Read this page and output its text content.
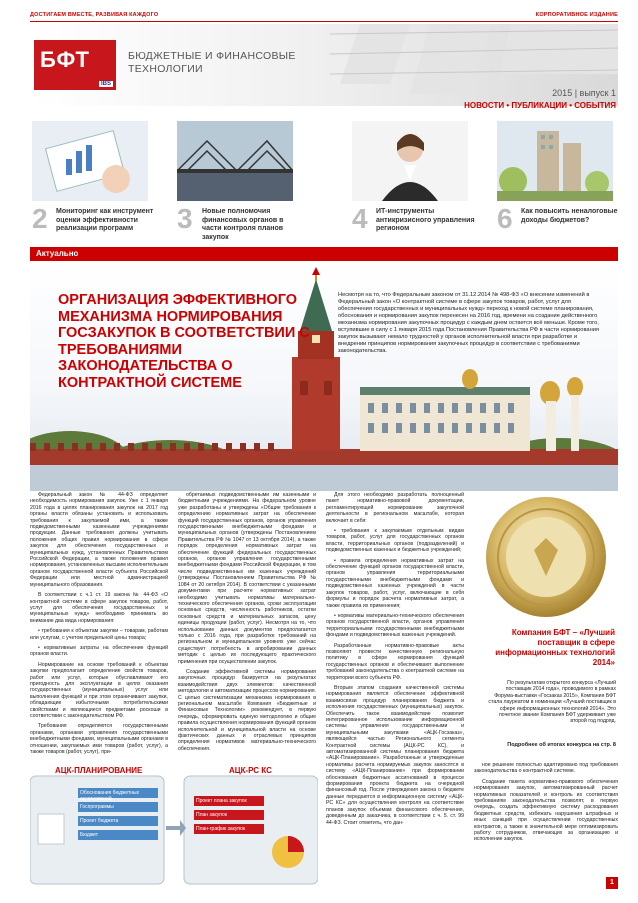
ДОСТИГАЕМ ВМЕСТЕ, РАЗВИВАЯ КАЖДОГО	КОРПОРАТИВНОЕ ИЗДАНИЕ
БФТ
IBS
БЮДЖЕТНЫЕ И ФИНАНСОВЫЕ
ТЕХНОЛОГИИ
2015 | выпуск 1
НОВОСТИ • ПУБЛИКАЦИИ • СОБЫТИЯ
2 Мониторинг как инструмент оценки эффективности реализации программ	3 Новые полномочия финансовых органов в части контроля планов закупок
4 ИТ-инструменты антикризисного управления регионом	6 Как повысить неналоговые доходы бюджетов?
Актуально
ОРГАНИЗАЦИЯ ЭФФЕКТИВНОГО МЕХАНИЗМА НОРМИРОВАНИЯ ГОСЗАКУПОК В СООТВЕТСТВИИ С ТРЕБОВАНИЯМИ ЗАКОНОДАТЕЛЬСТВА О КОНТРАКТНОЙ СИСТЕМЕ
Несмотря на то, что Федеральным законом от 31.12.2014 № 498-ФЗ «О внесении изменений в Федеральный закон «О контрактной системе в сфере закупок товаров, работ, услуг для обеспечения государственных и муниципальных нужд» переход к новой системе планирования, обоснования и нормирования закупок перенесен на 2016 год, времени на создание действенного механизма нормирования закупочных процедур с каждым днем остается всё меньше. Кроме того, вступившие в силу с 1 января 2015 года Постановления Правительства РФ в части нормирования закупок вызывают немало трудностей у органов исполнительной власти при разработке и внедрении принципов нормирования закупочных процедур в соответствии с требованиями законодательства.

Федеральный закон № 44-ФЗ определяет необходимость нормирования закупок. Уже с 1 января 2016 года в целях планирования закупок на 2017 год органы власти обязаны установить и использовать требования к закупаемой ими, а также подведомственными казенными учреждениями продукции. Данные требования должны учитывать положения общих правил нормирования в сфере закупок для обеспечения государственных и муниципальных нужд, установленных Правительством Российской Федерации, а также положения правил нормирования, установленных высшим исполнительным органом государственной власти субъекта Российской Федерации или местной администрацией муниципального образования.

В соответствии с ч.1 ст. 19 закона № 44-ФЗ «О контрактной системе в сфере закупок товаров, работ, услуг для обеспечения государственных и муниципальных нужд» необходимо принимать во внимание два вида нормирования:

• требования к объектам закупки – товарам, работам или услугам, с учетом предельной цены товара;

• нормативные затраты на обеспечение функций органов власти.

Нормирование на основе требований к объектам закупки предполагает определение свойств товаров, работ или услуг, которые обуславливают его пригодность для эксплуатации в целях оказания государственных (муниципальных) услуг или выполнения функций и при этом ограничивают закупки, обладающие избыточными потребительскими свойствами и являющиеся предметами роскоши в соответствии с законодательством РФ.

Требования определяются государственными органами, органами управления государственными внебюджетными фондами, муниципальными органами в отношении, закупаемых ими товаров (работ, услуг), а также товаров (работ, услуг), при-

обретаемых подведомственными им казенными и бюджетными учреждениями. На федеральном уровне уже разработаны и утверждены «Общие требования к определению нормативных затрат на обеспечение функций государственных органов, органов управления государственными внебюджетными фондами и муниципальных органов (утверждены Постановлением Правительства РФ № 1047 от 13 октября 2014), а также порядок определения нормативных затрат на обеспечение функций федеральных государственных органов, органов управления государственными внебюджетными фондами Российской Федерации, в том числе подведомственных им казенных учреждений (утверждены Постановлением Правительства РФ № 1084 от 20 октября 2014). В соответствии с указанными документами при расчете нормативных затрат необходимо учитывать нормативы материально-технического обеспечения органов, сроки эксплуатации основных средств, численность работников, остатки основных средств и материальных запасов, цену единицы продукции (работ, услуг). Несмотря на то, что использование данных документов предполагается только с 2016 года, при разработке требований на региональном и муниципальном уровнях уже сейчас существует потребность в апробировании данных методик с целью их последующего практического применения при осуществлении закупок.

Создание эффективной системы нормирования закупочных процедур базируется на результатах взаимодействия двух элементов: качественной методологии и автоматизации процессов нормирования. С целью систематизации механизма нормирования в региональном масштабе Компания «Бюджетные и Финансовые Технологии» рекомендует, в первую очередь, сформировать единую методологию и общие правила осуществления нормирования функций органов исполнительной и муниципальной власти на основе фактических данных и отраслевых принципов определения нормативов материально-технического обеспечения.

Для этого необходимо разработать полноценный пакет нормативно-правовой документации, регламентирующей нормирование закупочной деятельности в региональном масштабе, которая включает в себя:

• требования к закупаемым отдельным видам товаров, работ, услуг для государственных органов власти, территориальных органов (подразделений) и подведомственных казенных и бюджетных учреждений;

• правила определения нормативных затрат на обеспечение функций органов государственной власти, органов управления территориальными государственными внебюджетными фондами и подведомственных казенных учреждений в части закупок товаров, работ, услуг, включающие в себя формулы и порядок расчета нормативных затрат, а также правила их применения;

• нормативы материально-технического обеспечения органов государственной власти, органов управления территориальными государственными внебюджетными фондами и подведомственных казенных учреждений.

Разработанные нормативно-правовые акты позволяют провести качественную региональную политику в сфере нормирования функций государственных органов и обеспечивают выполнение требований законодательства о контрактной системе на территории всего субъекта РФ.

Вторым этапом создания качественной системы нормирования является обеспечение эффективной взаимосвязи процедур планирования бюджета и исполнения государственных (муниципальных) закупок. Обеспечить такое взаимодействие позволит интегрированное использование информационной системы управления государственными и муниципальными закупками «АЦК-Госзаказ», являющейся частью Регионального сегмента Контрактной системы (АЦК-РС КС), и автоматизированной системы планирования бюджета «АЦК-Планирование». Разработанные и утвержденные нормативы расчета нормируемых закупок заносятся в систему «АЦК-Планирование» при формировании обоснования бюджетных ассигнований в процессе формирования проекта бюджета на очередной финансовый год. После утверждения закона о бюджете данные передаются в информационную систему «АЦК-РС КС» для осуществления контроля на соответствие планов закупок объемам финансового обеспечения, доведенным до заказчика, в соответствии с ч. 5. ст. 99 44-ФЗ. Стоит отметить, что дан-

ное решение полностью адаптировано под требования законодательства о контрактной системе.

Создание пакета нормативно-правового обеспечения нормирования закупок, автоматизированный расчет нормативных показателей и контроль их соответствия требованиям законодательства позволят, в первую очередь, создать эффективную систему расходования бюджетных средств, избежать нарушения штрафных и иных санкций при осуществлении государственных контрактов, а также в значительной мере оптимизировать работу сотрудников, отвечающих за организацию и исполнение закупок.

Компания БФТ – «Лучший поставщик в сфере информационных технологий 2014»
По результатам открытого конкурса «Лучший поставщик 2014 года», проводимого в рамках Форума-выставки «Госзаказ 2015», Компания БФТ стала лауреатом в номинации «Лучший поставщик в сфере информационных технологий 2014». Это почетное звание Компания БФТ удерживает уже второй год подряд.
Подробнее об итогах конкурса на стр. 8
АЦК-ПЛАНИРОВАНИЕ	АЦК-РС КС
Обоснования бюджетных ассигнований
Госпрограммы
Проект бюджета
Бюджет
Проект плана закупок
План закупок
План-график закупок
1
